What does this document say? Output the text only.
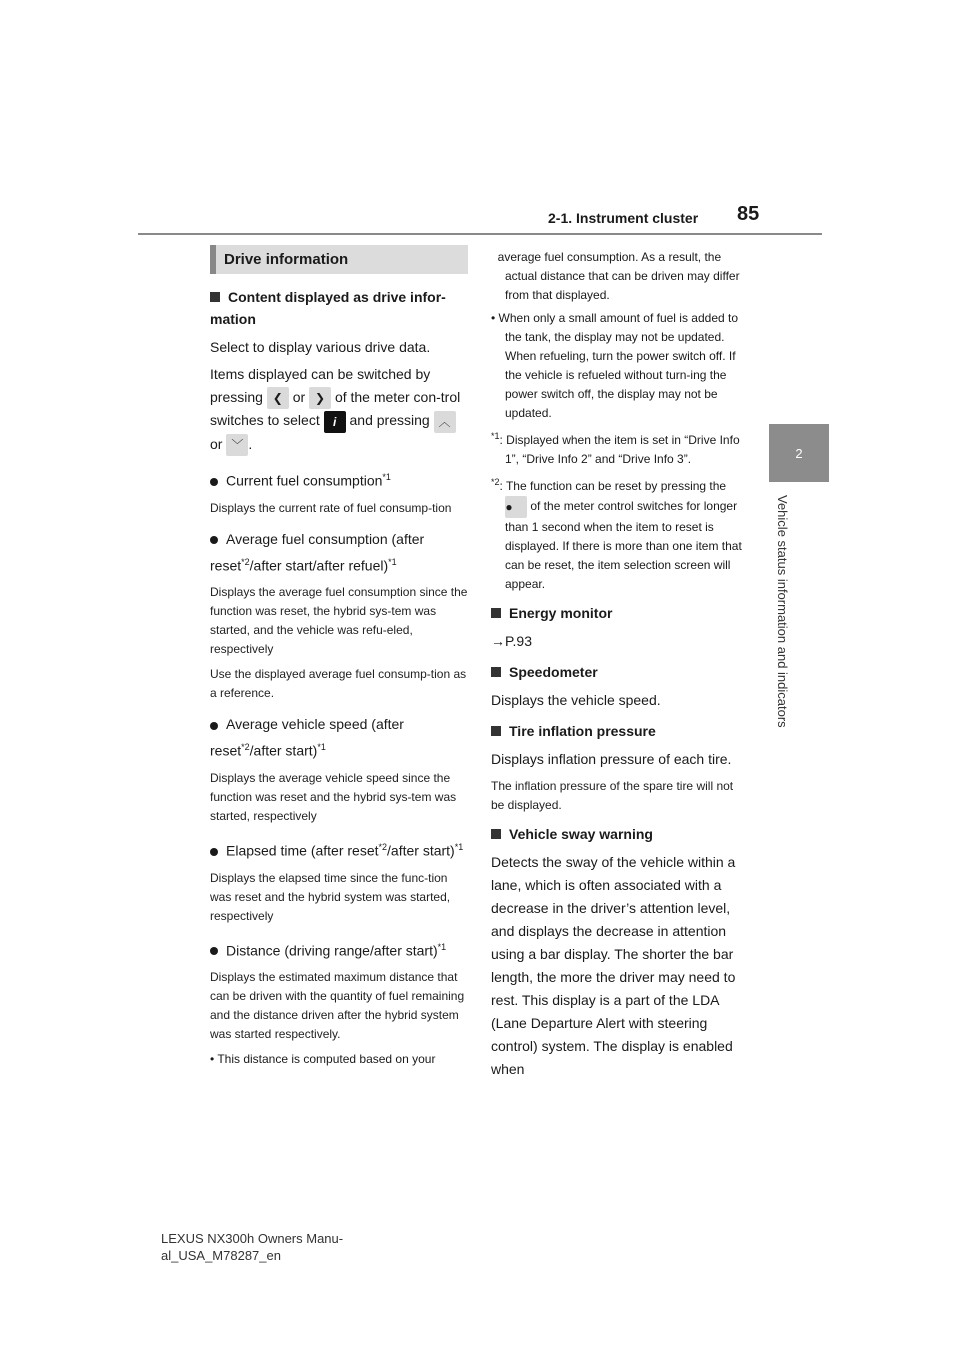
2-1. Instrument cluster 85
2
Vehicle status information and indicators
Drive information
Content displayed as drive infor-mation
Select to display various drive data.
Items displayed can be switched by pressing ❮ or ❯ of the meter con-trol switches to select i and pressing ︿ or ﹀ .
Current fuel consumption$^{*1}$
Displays the current rate of fuel consump-tion
Average fuel consumption (after reset$^{*2}$/after start/after refuel)$^{*1}$
Displays the average fuel consumption since the function was reset, the hybrid sys-tem was started, and the vehicle was refu-eled, respectively
Use the displayed average fuel consump-tion as a reference.
Average vehicle speed (after reset$^{*2}$/after start)$^{*1}$
Displays the average vehicle speed since the function was reset and the hybrid sys-tem was started, respectively
Elapsed time (after reset$^{*2}$/after start)$^{*1}$
Displays the elapsed time since the func-tion was reset and the hybrid system was started, respectively
Distance (driving range/after start)$^{*1}$
Displays the estimated maximum distance that can be driven with the quantity of fuel remaining and the distance driven after the hybrid system was started respectively.
• This distance is computed based on your
average fuel consumption. As a result, the actual distance that can be driven may differ from that displayed.
• When only a small amount of fuel is added to the tank, the display may not be updated. When refueling, turn the power switch off. If the vehicle is refueled without turn-ing the power switch off, the display may not be updated.
$^{*1}$: Displayed when the item is set in “Drive Info 1”, “Drive Info 2” and “Drive Info 3”.
$^{*2}$: The function can be reset by pressing the ● of the meter control switches for longer than 1 second when the item to reset is displayed. If there is more than one item that can be reset, the item selection screen will appear.
Energy monitor
→P.93
Speedometer
Displays the vehicle speed.
Tire inflation pressure
Displays inflation pressure of each tire.
The inflation pressure of the spare tire will not be displayed.
Vehicle sway warning
Detects the sway of the vehicle within a lane, which is often associated with a decrease in the driver’s attention level, and displays the decrease in attention using a bar display. The shorter the bar length, the more the driver may need to rest. This display is a part of the LDA (Lane Departure Alert with steering control) system. The display is enabled when
LEXUS NX300h Owners Manu-
al_USA_M78287_en
